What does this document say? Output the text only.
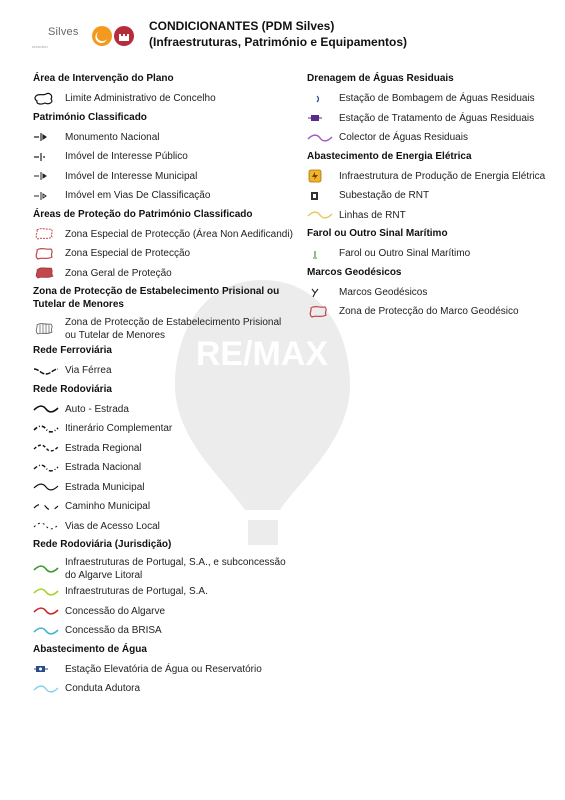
RE/MAX
Silves
MUNICÍPIO
CONDICIONANTES (PDM Silves)
(Infraestruturas, Património e Equipamentos)
Área de Intervenção do Plano
Limite Administrativo de Concelho
Património Classificado
Monumento Nacional
Imóvel de Interesse Público
Imóvel de Interesse Municipal
Imóvel em Vias De Classificação
Áreas de Proteção do Património Classificado
Zona Especial de Protecção (Área Non Aedificandi)
Zona Especial de Protecção
Zona Geral de Proteção
Zona de Protecção de Estabelecimento Prisional ou
Tutelar de Menores
Zona de Protecção de Estabelecimento Prisional
ou Tutelar de Menores
Rede Ferroviária
Via Férrea
Rede Rodoviária
Auto - Estrada
Itinerário Complementar
Estrada Regional
Estrada Nacional
Estrada Municipal
Caminho Municipal
Vias de Acesso Local
Rede Rodoviária (Jurisdição)
Infraestruturas de Portugal, S.A., e subconcessão
do Algarve Litoral
Infraestruturas de Portugal, S.A.
Concessão do Algarve
Concessão da BRISA
Abastecimento de Água
Estação Elevatória de Água ou Reservatório
Conduta Adutora
Drenagem de Águas Residuais
Estação de Bombagem de Águas Residuais
Estação de Tratamento de Águas Residuais
Colector de Águas Residuais
Abastecimento de Energia Elétrica
Infraestrutura de Produção de Energia Elétrica
Subestação de RNT
Linhas de RNT
Farol ou Outro Sinal Marítimo
Farol ou Outro Sinal Marítimo
Marcos Geodésicos
Marcos Geodésicos
Zona de Protecção do Marco Geodésico
